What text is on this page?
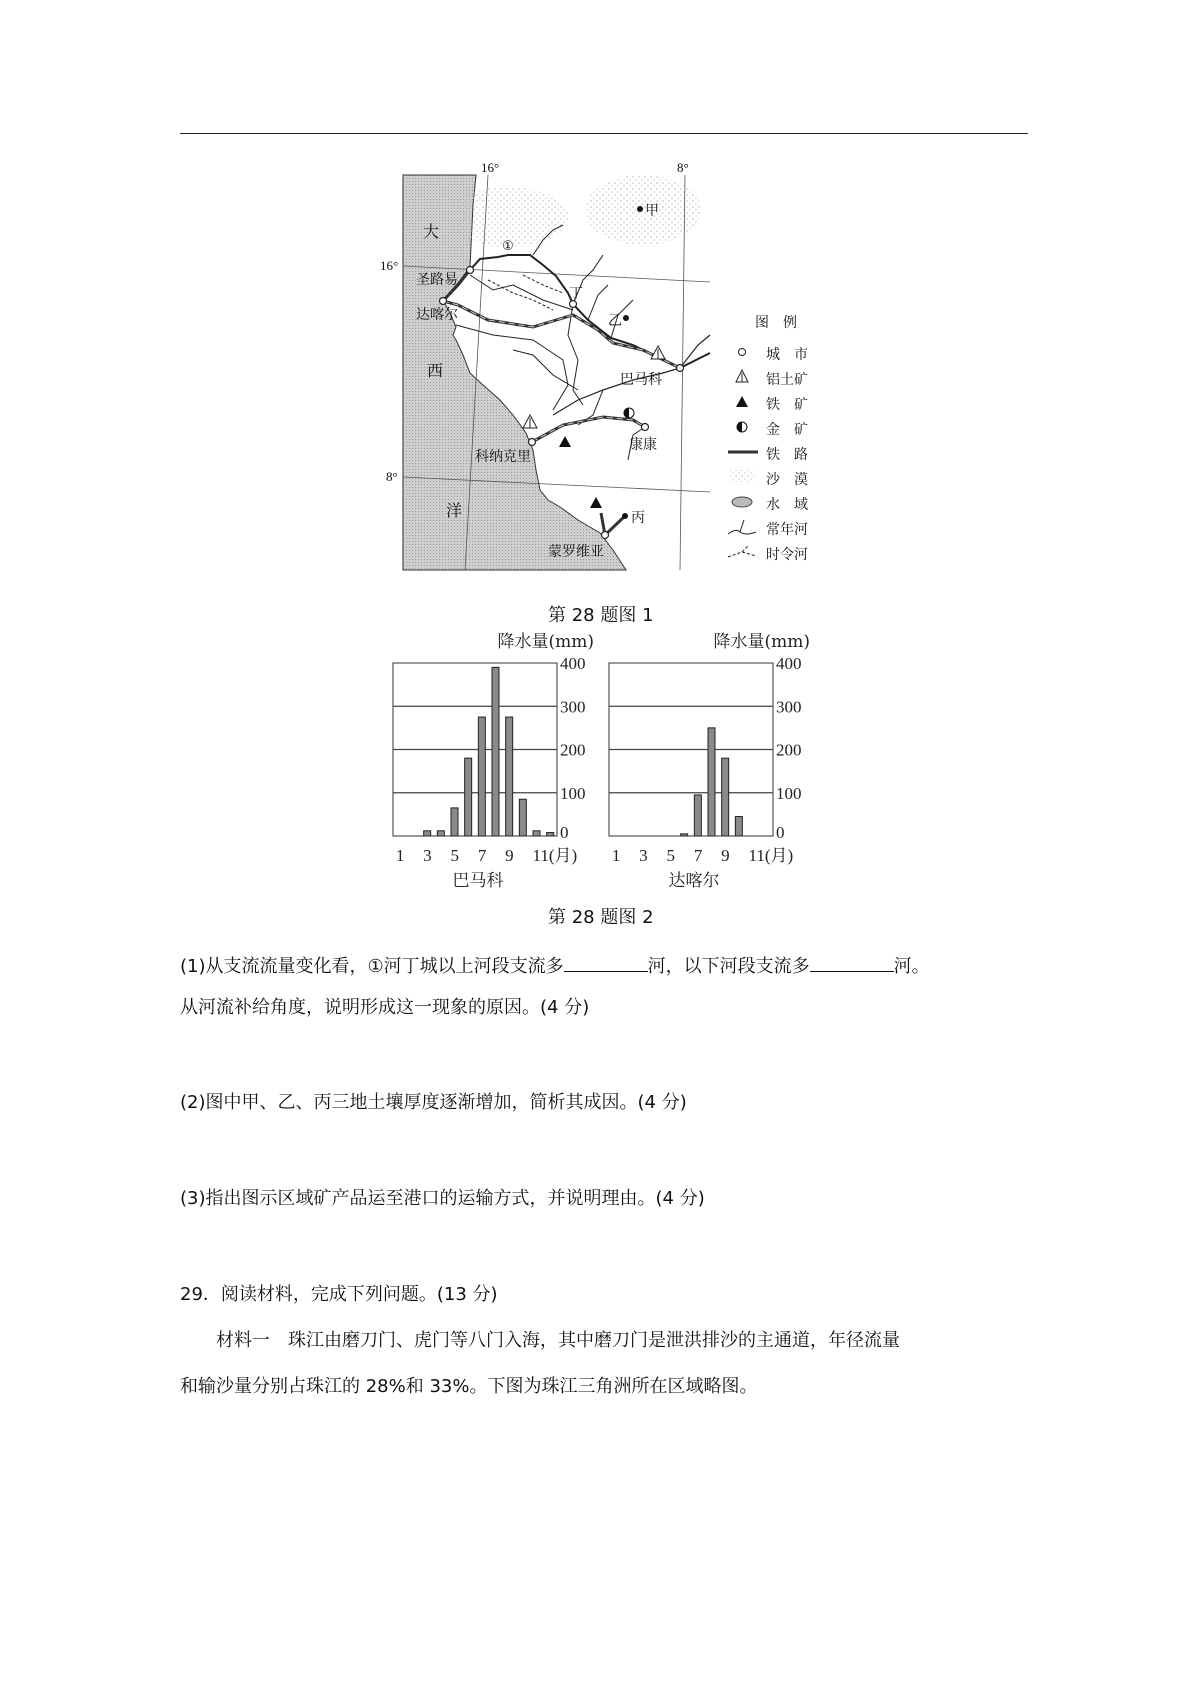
①
大
西
洋
圣路易
达喀尔
丁
巴马科
科纳克里
康康
蒙罗维亚
甲
乙
丙
16°	8°
16°
8°
图　例
城　市
铝土矿
铁　矿
金　矿
铁　路
沙　漠
水　域
常年河
时令河
第 28 题图 1
400
300
200
100
0
降水量(mm)
1 3 5 7 9 11(月)
巴马科
400
300
200
100
0
降水量(mm)
1 3 5 7 9 11(月)
达喀尔
第 28 题图 2
(1)从支流流量变化看，①河丁城以上河段支流多	河，以下河段支流多	河。
从河流补给角度，说明形成这一现象的原因。(4 分)
(2)图中甲、乙、丙三地土壤厚度逐渐增加，简析其成因。(4 分)
(3)指出图示区域矿产品运至港口的运输方式，并说明理由。(4 分)
29．阅读材料，完成下列问题。(13 分)
材料一　珠江由磨刀门、虎门等八门入海，其中磨刀门是泄洪排沙的主通道，年径流量
和输沙量分别占珠江的 28%和 33%。下图为珠江三角洲所在区域略图。
